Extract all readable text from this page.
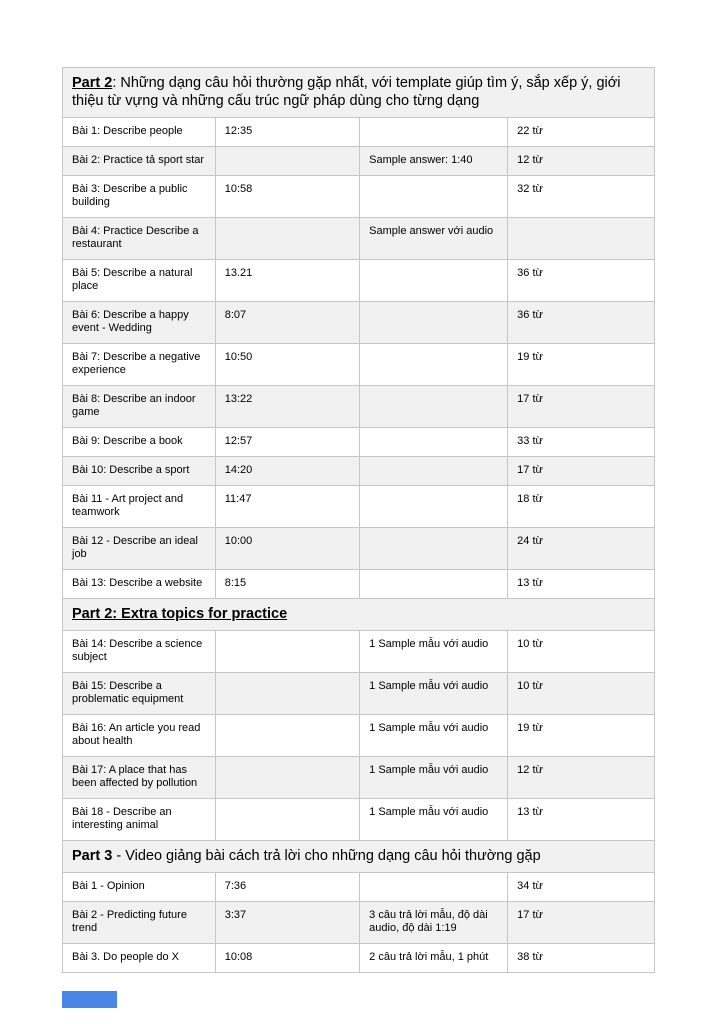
Part 2: Những dạng câu hỏi thường gặp nhất, với template giúp tìm ý, sắp xếp ý, giới thiệu từ vựng và những cấu trúc ngữ pháp dùng cho từng dạng			
Bài 1: Describe people	12:35		22 từ
Bài 2: Practice tả sport star		Sample answer: 1:40	12 từ
Bài 3: Describe a public building	10:58		32 từ
Bài 4: Practice Describe a restaurant		Sample answer với audio	
Bài 5: Describe a natural place	13.21		36 từ
Bài 6: Describe a happy event - Wedding	8:07		36 từ
Bài 7: Describe a negative experience	10:50		19 từ
Bài 8: Describe an indoor game	13:22		17 từ
Bài 9: Describe a book	12:57		33 từ
Bài 10: Describe a sport	14:20		17 từ
Bài 11 - Art project and teamwork	11:47		18 từ
Bài 12 - Describe an ideal job	10:00		24 từ
Bài 13: Describe a website	8:15		13 từ
Part 2: Extra topics for practice			
Bài 14: Describe a science subject		1 Sample mẫu với audio	10 từ
Bài 15: Describe a problematic equipment		1 Sample mẫu với audio	10 từ
Bài 16: An article you read about health		1 Sample mẫu với audio	19 từ
Bài 17: A place that has been affected by pollution		1 Sample mẫu với audio	12 từ
Bài 18 - Describe an interesting animal		1 Sample mẫu với audio	13 từ
Part 3 - Video giảng bài cách trả lời cho những dạng câu hỏi thường gặp			
Bài 1 - Opinion	7:36		34 từ
Bài 2 - Predicting future trend	3:37	3 câu trả lời mẫu, độ dài audio, độ dài 1:19	17 từ
Bài 3. Do people do X	10:08	2 câu trả lời mẫu, 1 phút	38 từ
